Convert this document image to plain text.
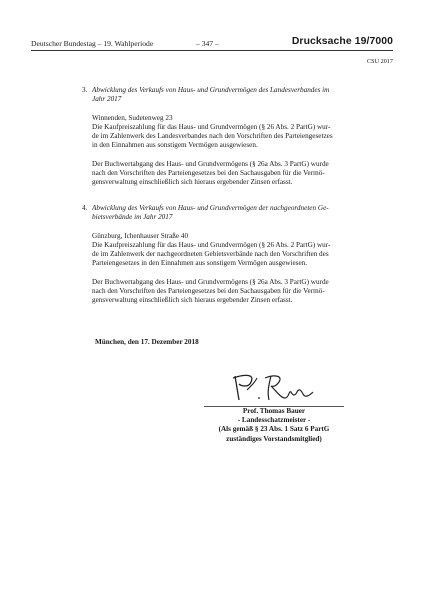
Deutscher Bundestag – 19. Wahlperiode	– 347 –	Drucksache 19/7000
CSU 2017
3. Abwicklung des Verkaufs von Haus- und Grundvermögen des Landesverbandes im
Jahr 2017

Winnenden, Sudetenweg 23

Die Kaufpreiszahlung für das Haus- und Grundvermögen (§ 26 Abs. 2 PartG) wur-
de im Zahlenwerk des Landesverbandes nach den Vorschriften des Parteiengesetzes
in den Einnahmen aus sonstigem Vermögen ausgewiesen.

Der Buchwertabgang des Haus- und Grundvermögens (§ 26a Abs. 3 PartG) wurde
nach den Vorschriften des Parteiengesetzes bei den Sachausgaben für die Vermö-
gensverwaltung einschließlich sich hieraus ergebender Zinsen erfasst.

4. Abwicklung des Verkaufs von Haus- und Grundvermögen der nachgeordneten Ge-
bietsverbände im Jahr 2017

Günzburg, Ichenhauser Straße 40

Die Kaufpreiszahlung für das Haus- und Grundvermögen (§ 26 Abs. 2 PartG) wur-
de im Zahlenwerk der nachgeordneten Gebietsverbände nach den Vorschriften des
Parteiengesetzes in den Einnahmen aus sonstigem Vermögen ausgewiesen.

Der Buchwertabgang des Haus- und Grundvermögens (§ 26a Abs. 3 PartG) wurde
nach den Vorschriften des Parteiengesetzes bei den Sachausgaben für die Vermö-
gensverwaltung einschließlich sich hieraus ergebender Zinsen erfasst.

München, den 17. Dezember 2018
Prof. Thomas Bauer
- Landesschatzmeister -
(Als gemäß § 23 Abs. 1 Satz 6 PartG
zuständiges Vorstandsmitglied)
